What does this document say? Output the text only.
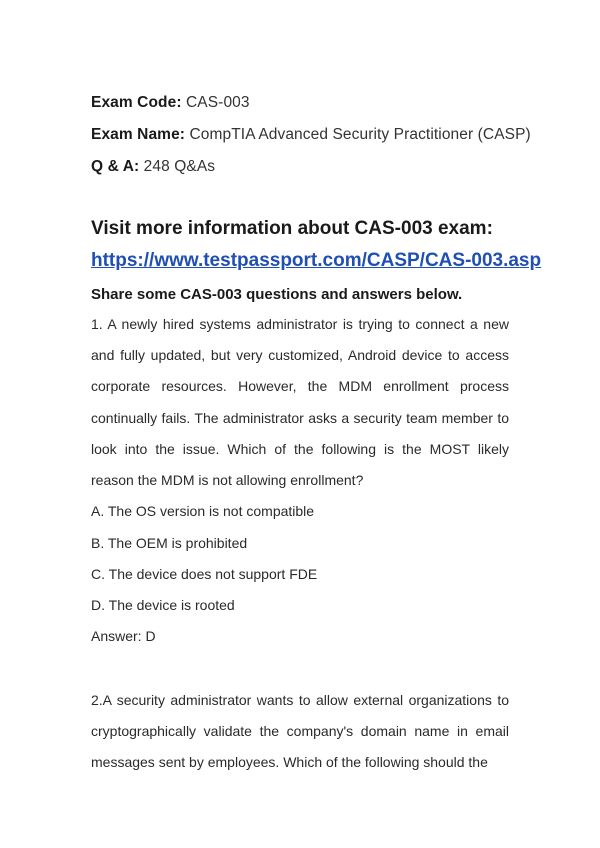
Exam Code: CAS-003
Exam Name: CompTIA Advanced Security Practitioner (CASP)
Q & A: 248 Q&As
Visit more information about CAS-003 exam:
https://www.testpassport.com/CASP/CAS-003.asp
Share some CAS-003 questions and answers below.
1. A newly hired systems administrator is trying to connect a new and fully updated, but very customized, Android device to access corporate resources. However, the MDM enrollment process continually fails. The administrator asks a security team member to look into the issue. Which of the following is the MOST likely reason the MDM is not allowing enrollment?
A. The OS version is not compatible
B. The OEM is prohibited
C. The device does not support FDE
D. The device is rooted
Answer: D
2.A security administrator wants to allow external organizations to cryptographically validate the company's domain name in email messages sent by employees. Which of the following should the
